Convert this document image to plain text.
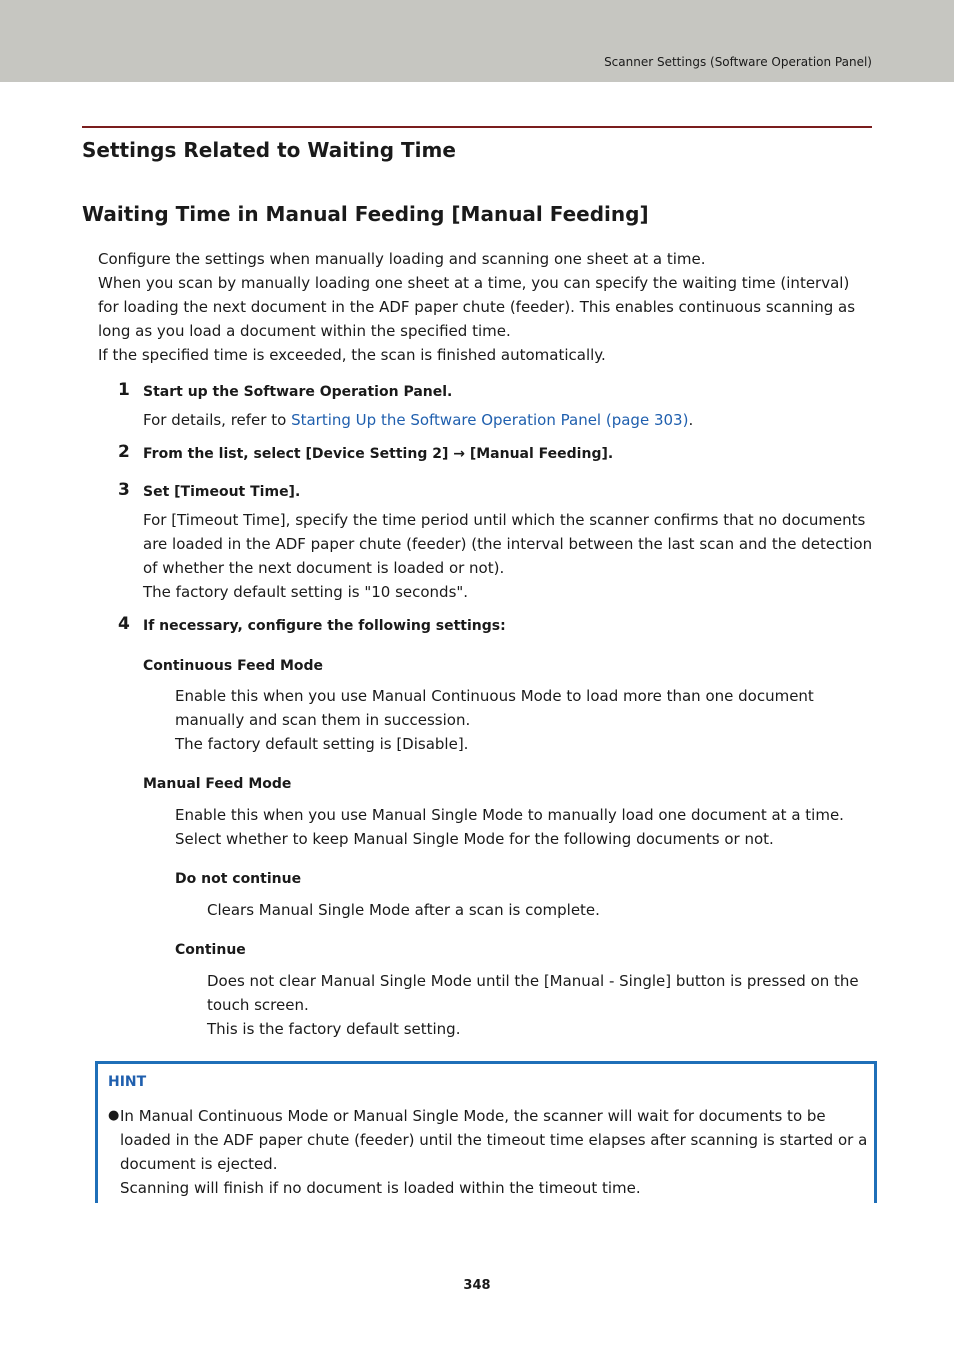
Scanner Settings (Software Operation Panel)
Settings Related to Waiting Time
Waiting Time in Manual Feeding [Manual Feeding]

Configure the settings when manually loading and scanning one sheet at a time.

When you scan by manually loading one sheet at a time, you can specify the waiting time (interval) for loading the next document in the ADF paper chute (feeder). This enables continuous scanning as long as you load a document within the specified time.

If the specified time is exceeded, the scan is finished automatically.

1 Start up the Software Operation Panel.

For details, refer to Starting Up the Software Operation Panel (page 303).

2 From the list, select [Device Setting 2] → [Manual Feeding].
3 Set [Timeout Time].

For [Timeout Time], specify the time period until which the scanner confirms that no documents are loaded in the ADF paper chute (feeder) (the interval between the last scan and the detection of whether the next document is loaded or not).

The factory default setting is "10 seconds".

4 If necessary, configure the following settings:
Continuous Feed Mode

Enable this when you use Manual Continuous Mode to load more than one document manually and scan them in succession.

The factory default setting is [Disable].

Manual Feed Mode

Enable this when you use Manual Single Mode to manually load one document at a time.

Select whether to keep Manual Single Mode for the following documents or not.

Do not continue

Clears Manual Single Mode after a scan is complete.

Continue

Does not clear Manual Single Mode until the [Manual - Single] button is pressed on the touch screen.

This is the factory default setting.

HINT
● In Manual Continuous Mode or Manual Single Mode, the scanner will wait for documents to be loaded in the ADF paper chute (feeder) until the timeout time elapses after scanning is started or a document is ejected.

Scanning will finish if no document is loaded within the timeout time.

348
